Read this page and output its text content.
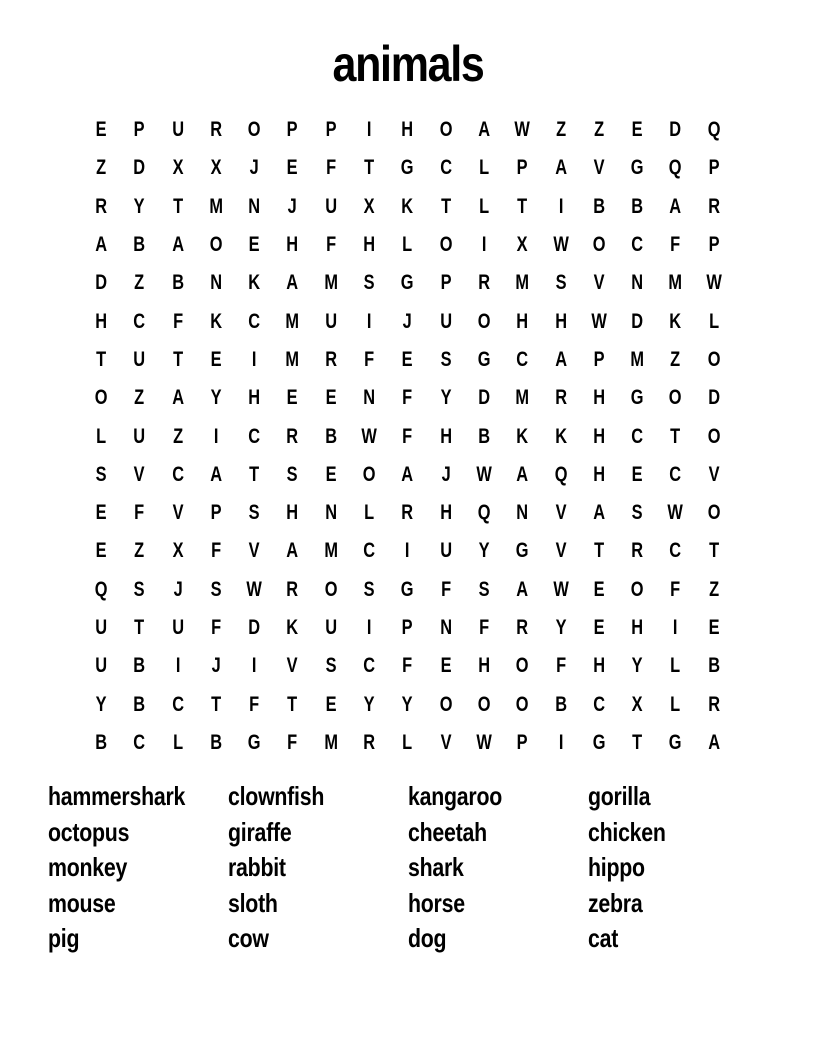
animals
E	P	U	R	O	P	P	I	H	O	A	W	Z	Z	E	D	Q
Z	D	X	X	J	E	F	T	G	C	L	P	A	V	G	Q	P
R	Y	T	M	N	J	U	X	K	T	L	T	I	B	B	A	R
A	B	A	O	E	H	F	H	L	O	I	X	W	O	C	F	P
D	Z	B	N	K	A	M	S	G	P	R	M	S	V	N	M	W
H	C	F	K	C	M	U	I	J	U	O	H	H	W	D	K	L
T	U	T	E	I	M	R	F	E	S	G	C	A	P	M	Z	O
O	Z	A	Y	H	E	E	N	F	Y	D	M	R	H	G	O	D
L	U	Z	I	C	R	B	W	F	H	B	K	K	H	C	T	O
S	V	C	A	T	S	E	O	A	J	W	A	Q	H	E	C	V
E	F	V	P	S	H	N	L	R	H	Q	N	V	A	S	W	O
E	Z	X	F	V	A	M	C	I	U	Y	G	V	T	R	C	T
Q	S	J	S	W	R	O	S	G	F	S	A	W	E	O	F	Z
U	T	U	F	D	K	U	I	P	N	F	R	Y	E	H	I	E
U	B	I	J	I	V	S	C	F	E	H	O	F	H	Y	L	B
Y	B	C	T	F	T	E	Y	Y	O	O	O	B	C	X	L	R
B	C	L	B	G	F	M	R	L	V	W	P	I	G	T	G	A
hammershark	clownfish	kangaroo	gorilla
octopus	giraffe	cheetah	chicken
monkey	rabbit	shark	hippo
mouse	sloth	horse	zebra
pig	cow	dog	cat
